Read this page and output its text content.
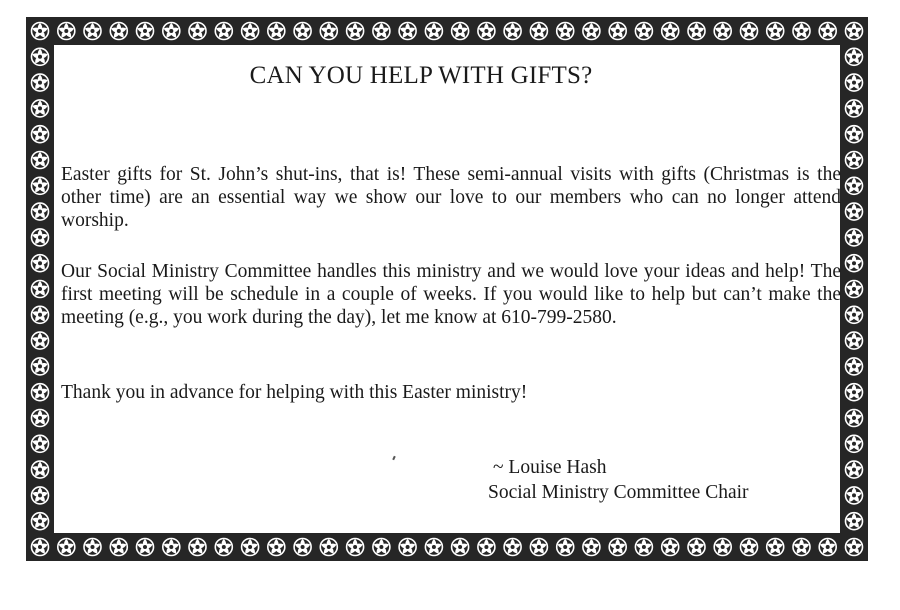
CAN YOU HELP WITH GIFTS?

Easter gifts for St. John’s shut-ins, that is! These semi-annual visits with gifts (Christmas is the other time) are an essential way we show our love to our members who can no longer attend worship.

Our Social Ministry Committee handles this ministry and we would love your ideas and help! The first meeting will be schedule in a couple of weeks. If you would like to help but can’t make the meeting (e.g., you work during the day), let me know at 610-799-2580.

Thank you in advance for helping with this Easter ministry!

~ Louise Hash

Social Ministry Committee Chair
